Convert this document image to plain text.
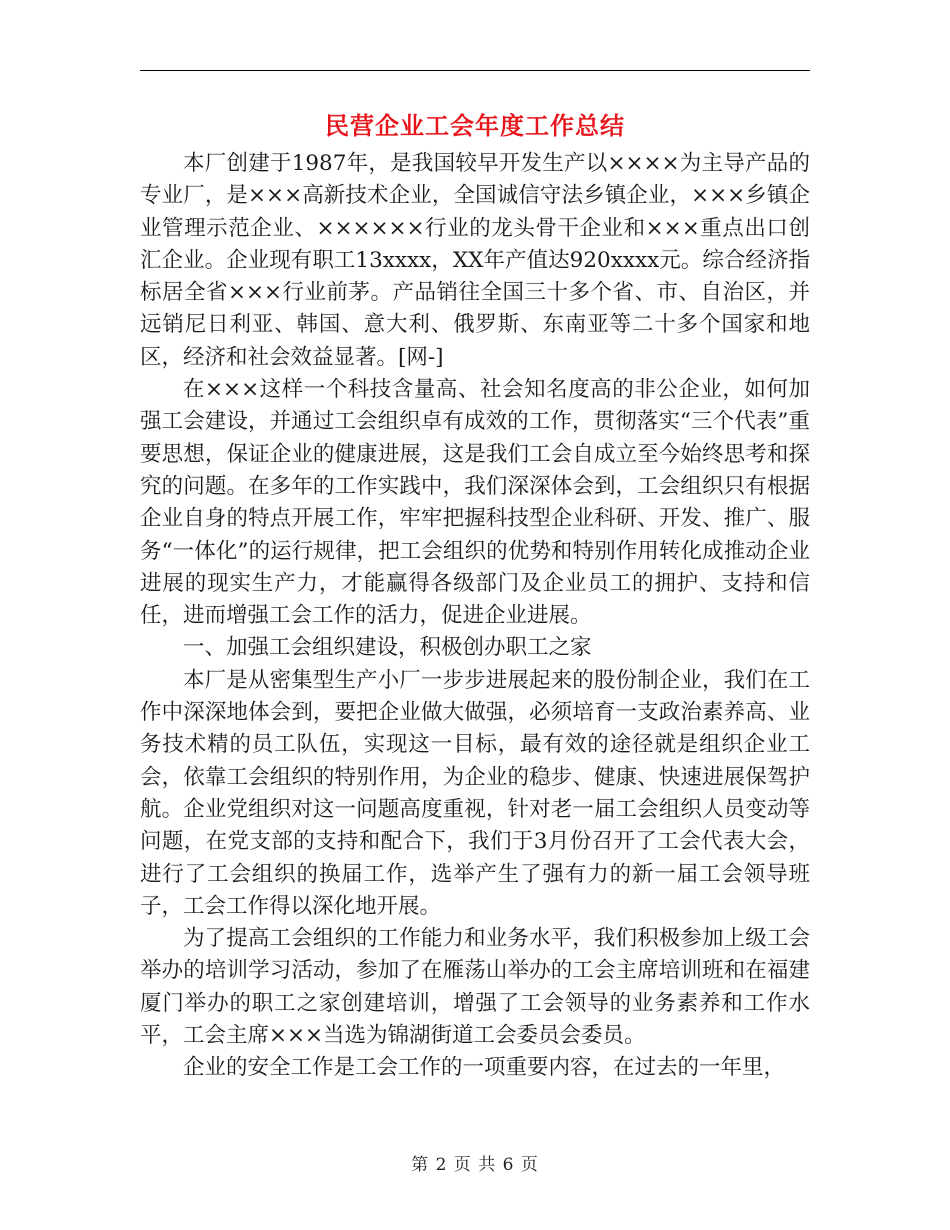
民营企业工会年度工作总结

本厂创建于1987年，是我国较早开发生产以××××为主导产品的专业厂，是×××高新技术企业，全国诚信守法乡镇企业，×××乡镇企业管理示范企业、××××××行业的龙头骨干企业和×××重点出口创汇企业。企业现有职工13xxxx，XX年产值达920xxxx元。综合经济指标居全省×××行业前茅。产品销往全国三十多个省、市、自治区，并远销尼日利亚、韩国、意大利、俄罗斯、东南亚等二十多个国家和地区，经济和社会效益显著。[网-]

在×××这样一个科技含量高、社会知名度高的非公企业，如何加强工会建设，并通过工会组织卓有成效的工作，贯彻落实“三个代表”重要思想，保证企业的健康进展，这是我们工会自成立至今始终思考和探究的问题。在多年的工作实践中，我们深深体会到，工会组织只有根据企业自身的特点开展工作，牢牢把握科技型企业科研、开发、推广、服务“一体化”的运行规律，把工会组织的优势和特别作用转化成推动企业进展的现实生产力，才能赢得各级部门及企业员工的拥护、支持和信任，进而增强工会工作的活力，促进企业进展。

一、加强工会组织建设，积极创办职工之家

本厂是从密集型生产小厂一步步进展起来的股份制企业，我们在工作中深深地体会到，要把企业做大做强，必须培育一支政治素养高、业务技术精的员工队伍，实现这一目标，最有效的途径就是组织企业工会，依靠工会组织的特别作用，为企业的稳步、健康、快速进展保驾护航。企业党组织对这一问题高度重视，针对老一届工会组织人员变动等问题，在党支部的支持和配合下，我们于3月份召开了工会代表大会，进行了工会组织的换届工作，选举产生了强有力的新一届工会领导班子，工会工作得以深化地开展。

为了提高工会组织的工作能力和业务水平，我们积极参加上级工会举办的培训学习活动，参加了在雁荡山举办的工会主席培训班和在福建厦门举办的职工之家创建培训，增强了工会领导的业务素养和工作水平，工会主席×××当选为锦湖街道工会委员会委员。

企业的安全工作是工会工作的一项重要内容，在过去的一年里，

第 2 页 共 6 页
